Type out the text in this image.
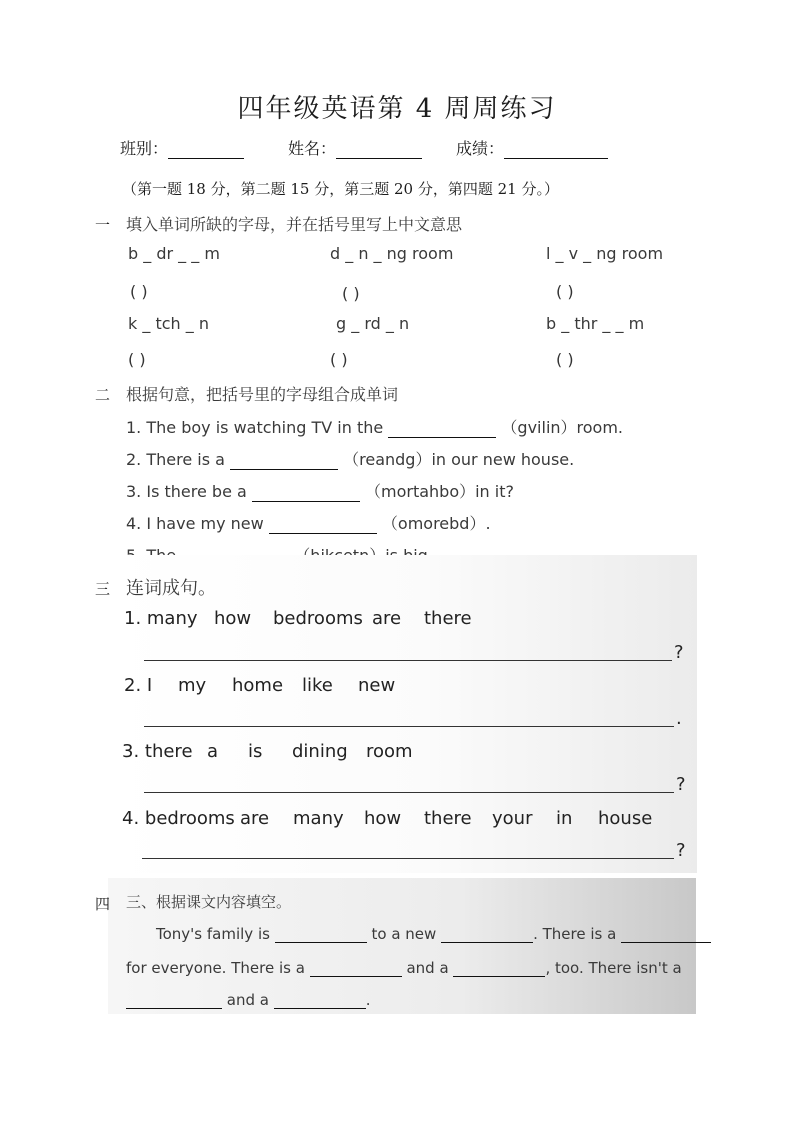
四年级英语第 4 周周练习
班别：	姓名：	成绩：
（第一题 18 分，第二题 15 分，第三题 20 分，第四题 21 分。）
一 填入单词所缺的字母，并在括号里写上中文意思
b _ dr _ _ m	d _ n _ ng room	l _ v _ ng room
( )	( )	( )
k _ tch _ n	g _ rd _ n	b _ thr _ _ m
( )	( )	( )
二 根据句意，把括号里的字母组合成单词
1. The boy is watching TV in the	（gvilin）room.
2. There is a	（reandg）in our new house.
3. Is there be a	（mortahbo）in it?
4. I have my new	（omorebd）.
三 连词成句。
1. many how bedrooms are there
?
2. I my home like new
.
3. there a is dining room
?
4. bedrooms are many how there your in house
?
四 三、根据课文内容填空。
Tony's family is	to a new	. There is a
for everyone. There is a	and a	, too. There isn't a
and a	.
